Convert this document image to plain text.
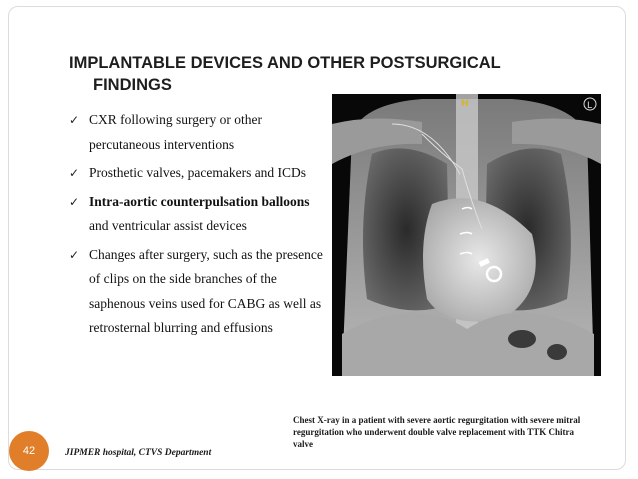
IMPLANTABLE DEVICES AND OTHER POSTSURGICAL
FINDINGS
✓ CXR following surgery or other
percutaneous interventions
✓ Prosthetic valves, pacemakers and ICDs
✓ Intra-aortic counterpulsation balloons and ventricular assist devices
✓ Changes after surgery, such as the presence of clips on the side branches of the saphenous veins used for CABG as well as retrosternal blurring and effusions
H	L
Chest X-ray in a patient with severe aortic regurgitation with severe mitral regurgitation who underwent double valve replacement with TTK Chitra valve
JIPMER hospital, CTVS Department
42
